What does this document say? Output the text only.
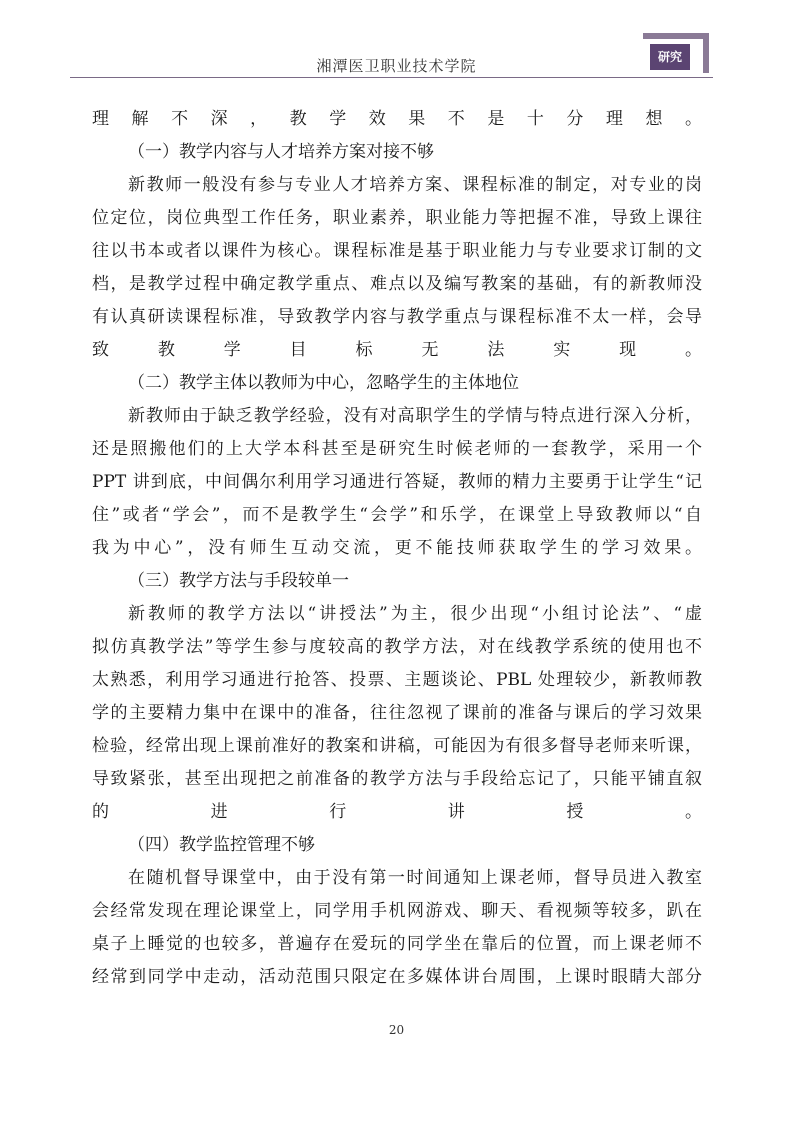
研究
湘潭医卫职业技术学院
理解不深，教学效果不是十分理想。
（一）教学内容与人才培养方案对接不够
新教师一般没有参与专业人才培养方案、课程标准的制定，对专业的岗
位定位，岗位典型工作任务，职业素养，职业能力等把握不准，导致上课往
往以书本或者以课件为核心。课程标准是基于职业能力与专业要求订制的文
档，是教学过程中确定教学重点、难点以及编写教案的基础，有的新教师没
有认真研读课程标准，导致教学内容与教学重点与课程标准不太一样，会导
致教学目标无法实现。
（二）教学主体以教师为中心，忽略学生的主体地位
新教师由于缺乏教学经验，没有对高职学生的学情与特点进行深入分析，
还是照搬他们的上大学本科甚至是研究生时候老师的一套教学，采用一个
PPT 讲到底，中间偶尔利用学习通进行答疑，教师的精力主要勇于让学生“记
住”或者“学会”，而不是教学生“会学”和乐学，在课堂上导致教师以“自
我为中心”，没有师生互动交流，更不能技师获取学生的学习效果。
（三）教学方法与手段较单一
新教师的教学方法以“讲授法”为主，很少出现“小组讨论法”、“虚
拟仿真教学法”等学生参与度较高的教学方法，对在线教学系统的使用也不
太熟悉，利用学习通进行抢答、投票、主题谈论、PBL 处理较少，新教师教
学的主要精力集中在课中的准备，往往忽视了课前的准备与课后的学习效果
检验，经常出现上课前准好的教案和讲稿，可能因为有很多督导老师来听课，
导致紧张，甚至出现把之前准备的教学方法与手段给忘记了，只能平铺直叙
的进行讲授。
（四）教学监控管理不够
在随机督导课堂中，由于没有第一时间通知上课老师，督导员进入教室
会经常发现在理论课堂上，同学用手机网游戏、聊天、看视频等较多，趴在
桌子上睡觉的也较多，普遍存在爱玩的同学坐在靠后的位置，而上课老师不
经常到同学中走动，活动范围只限定在多媒体讲台周围，上课时眼睛大部分
20
